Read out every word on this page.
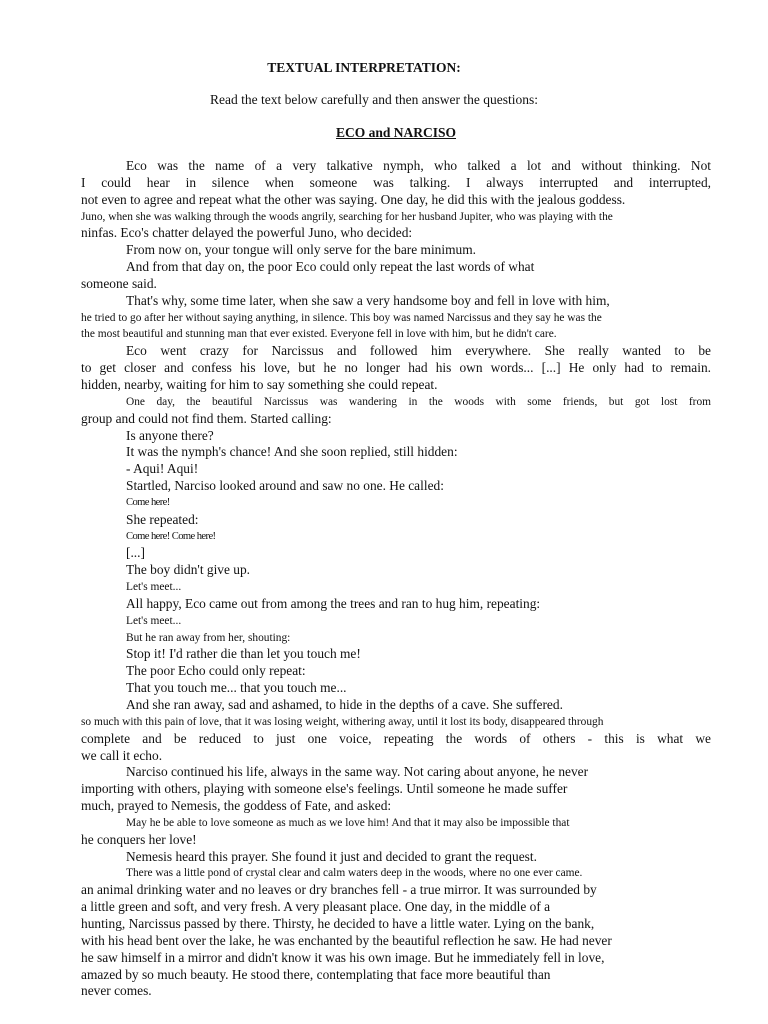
TEXTUAL INTERPRETATION:
Read the text below carefully and then answer the questions:
ECO and NARCISO
Eco was the name of a very talkative nymph, who talked a lot and without thinking. Not
I could hear in silence when someone was talking. I always interrupted and interrupted,
not even to agree and repeat what the other was saying. One day, he did this with the jealous goddess.
Juno, when she was walking through the woods angrily, searching for her husband Jupiter, who was playing with the
ninfas. Eco's chatter delayed the powerful Juno, who decided:
From now on, your tongue will only serve for the bare minimum.
And from that day on, the poor Eco could only repeat the last words of what
someone said.
That's why, some time later, when she saw a very handsome boy and fell in love with him,
he tried to go after her without saying anything, in silence. This boy was named Narcissus and they say he was the
the most beautiful and stunning man that ever existed. Everyone fell in love with him, but he didn't care.
Eco went crazy for Narcissus and followed him everywhere. She really wanted to be
to get closer and confess his love, but he no longer had his own words... [...] He only had to remain.
hidden, nearby, waiting for him to say something she could repeat.
One day, the beautiful Narcissus was wandering in the woods with some friends, but got lost from
group and could not find them. Started calling:
Is anyone there?
It was the nymph's chance! And she soon replied, still hidden:
- Aqui! Aqui!
Startled, Narciso looked around and saw no one. He called:
Come here!
She repeated:
Come here! Come here!
[...]
The boy didn't give up.
Let's meet...
All happy, Eco came out from among the trees and ran to hug him, repeating:
Let's meet...
But he ran away from her, shouting:
Stop it! I'd rather die than let you touch me!
The poor Echo could only repeat:
That you touch me... that you touch me...
And she ran away, sad and ashamed, to hide in the depths of a cave. She suffered.
so much with this pain of love, that it was losing weight, withering away, until it lost its body, disappeared through
complete and be reduced to just one voice, repeating the words of others - this is what we
we call it echo.
Narciso continued his life, always in the same way. Not caring about anyone, he never
importing with others, playing with someone else's feelings. Until someone he made suffer
much, prayed to Nemesis, the goddess of Fate, and asked:
May he be able to love someone as much as we love him! And that it may also be impossible that
he conquers her love!
Nemesis heard this prayer. She found it just and decided to grant the request.
There was a little pond of crystal clear and calm waters deep in the woods, where no one ever came.
an animal drinking water and no leaves or dry branches fell - a true mirror. It was surrounded by
a little green and soft, and very fresh. A very pleasant place. One day, in the middle of a
hunting, Narcissus passed by there. Thirsty, he decided to have a little water. Lying on the bank,
with his head bent over the lake, he was enchanted by the beautiful reflection he saw. He had never
he saw himself in a mirror and didn't know it was his own image. But he immediately fell in love,
amazed by so much beauty. He stood there, contemplating that face more beautiful than
never comes.
